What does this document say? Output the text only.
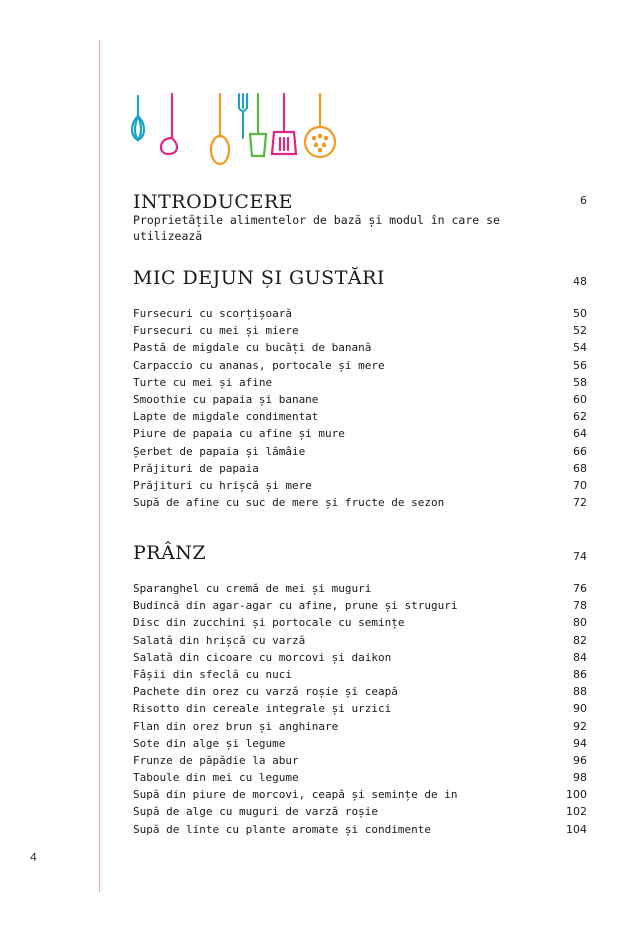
INTRODUCERE	6
Proprietățile alimentelor de bază și modul în care se utilizează
MIC DEJUN ȘI GUSTĂRI	48
Fursecuri cu scorțișoară	50
Fursecuri cu mei și miere	52
Pastă de migdale cu bucăți de banană	54
Carpaccio cu ananas, portocale și mere	56
Turte cu mei și afine	58
Smoothie cu papaia și banane	60
Lapte de migdale condimentat	62
Piure de papaia cu afine și mure	64
Șerbet de papaia și lămâie	66
Prăjituri de papaia	68
Prăjituri cu hrișcă și mere	70
Supă de afine cu suc de mere și fructe de sezon	72
PRÂNZ	74
Sparanghel cu cremă de mei și muguri	76
Budincă din agar-agar cu afine, prune și struguri	78
Disc din zucchini și portocale cu semințe	80
Salată din hrișcă cu varză	82
Salată din cicoare cu morcovi și daikon	84
Fâșii din sfeclă cu nuci	86
Pachete din orez cu varză roșie și ceapă	88
Risotto din cereale integrale și urzici	90
Flan din orez brun și anghinare	92
Sote din alge și legume	94
Frunze de păpădie la abur	96
Taboule din mei cu legume	98
Supă din piure de morcovi, ceapă și semințe de in	100
Supă de alge cu muguri de varză roșie	102
Supă de linte cu plante aromate și condimente	104
4
